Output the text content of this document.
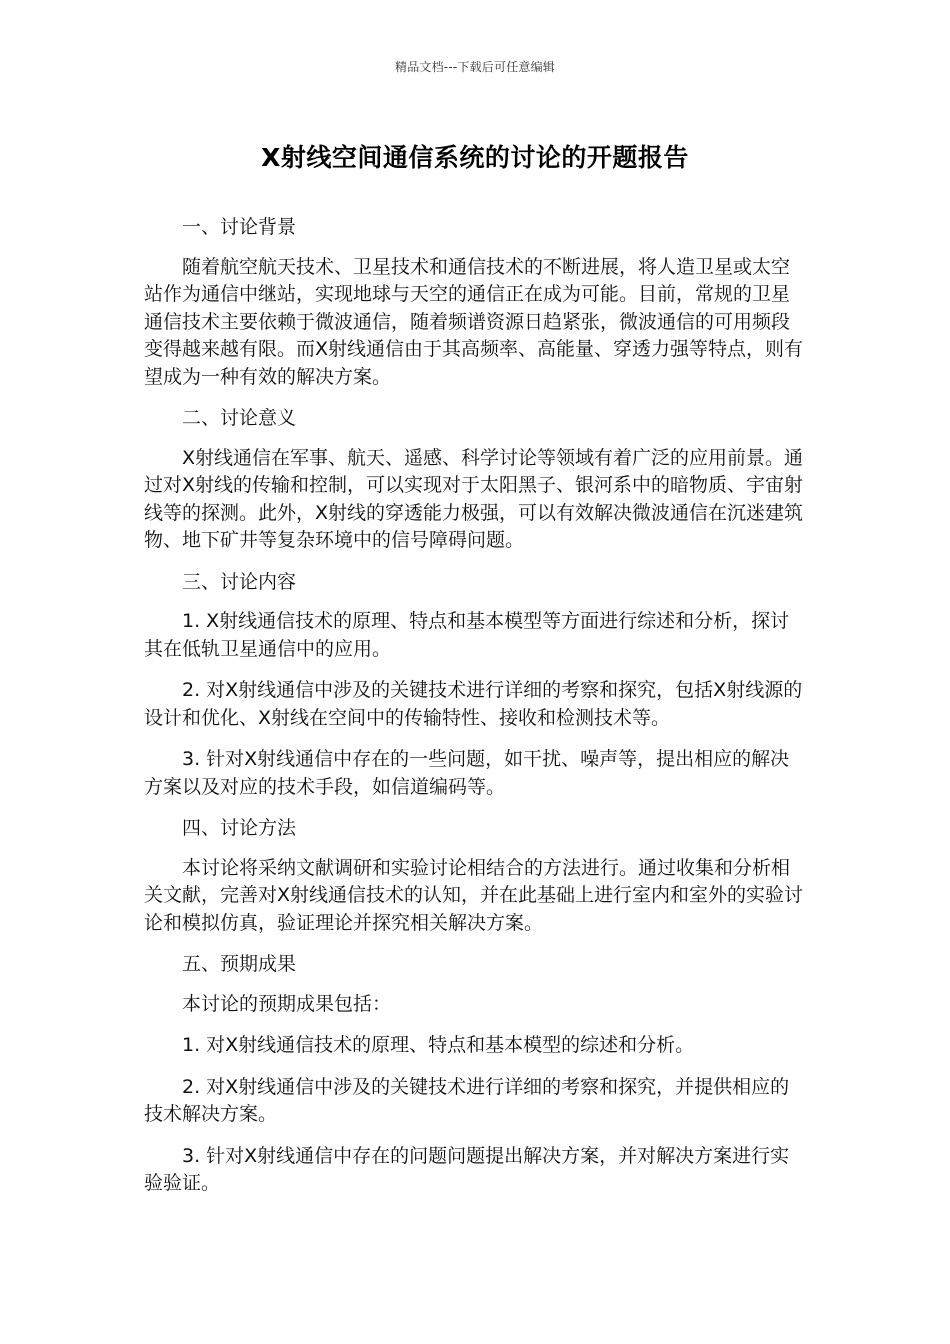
精品文档---下载后可任意编辑
X射线空间通信系统的讨论的开题报告

一、讨论背景

随着航空航天技术、卫星技术和通信技术的不断进展，将人造卫星或太空站作为通信中继站，实现地球与天空的通信正在成为可能。目前，常规的卫星通信技术主要依赖于微波通信，随着频谱资源日趋紧张，微波通信的可用频段变得越来越有限。而X射线通信由于其高频率、高能量、穿透力强等特点，则有望成为一种有效的解决方案。

二、讨论意义

X射线通信在军事、航天、遥感、科学讨论等领域有着广泛的应用前景。通过对X射线的传输和控制，可以实现对于太阳黑子、银河系中的暗物质、宇宙射线等的探测。此外，X射线的穿透能力极强，可以有效解决微波通信在沉迷建筑物、地下矿井等复杂环境中的信号障碍问题。

三、讨论内容

1. X射线通信技术的原理、特点和基本模型等方面进行综述和分析，探讨其在低轨卫星通信中的应用。

2. 对X射线通信中涉及的关键技术进行详细的考察和探究，包括X射线源的设计和优化、X射线在空间中的传输特性、接收和检测技术等。

3. 针对X射线通信中存在的一些问题，如干扰、噪声等，提出相应的解决方案以及对应的技术手段，如信道编码等。

四、讨论方法

本讨论将采纳文献调研和实验讨论相结合的方法进行。通过收集和分析相关文献，完善对X射线通信技术的认知，并在此基础上进行室内和室外的实验讨论和模拟仿真，验证理论并探究相关解决方案。

五、预期成果

本讨论的预期成果包括：

1. 对X射线通信技术的原理、特点和基本模型的综述和分析。

2. 对X射线通信中涉及的关键技术进行详细的考察和探究，并提供相应的技术解决方案。

3. 针对X射线通信中存在的问题问题提出解决方案，并对解决方案进行实验验证。
